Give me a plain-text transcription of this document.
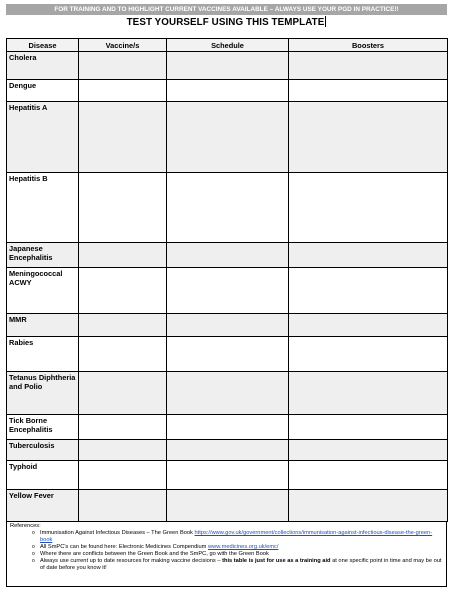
FOR TRAINING AND TO HIGHLIGHT CURRENT VACCINES AVAILABLE – ALWAYS USE YOUR PGD IN PRACTICE!!
TEST YOURSELF USING THIS TEMPLATE
Disease	Vaccine/s	Schedule	Boosters
Cholera			
Dengue			
Hepatitis A			
Hepatitis B			
Japanese Encephalitis			
Meningococcal ACWY			
MMR			
Rabies			
Tetanus Diphtheria and Polio			
Tick Borne Encephalitis			
Tuberculosis			
Typhoid			
Yellow Fever			
References:
o Immunisation Against Infectious Diseases – The Green Book https://www.gov.uk/government/collections/immunisation-against-infectious-disease-the-green-book
o All SmPC's can be found here: Electronic Medicines Compendium www.medicines.org.uk/emc/
o Where there are conflicts between the Green Book and the SmPC, go with the Green Book
o Always use current up to date resources for making vaccine decisions – this table is just for use as a training aid at one specific point in time and may be out of date before you know it!
